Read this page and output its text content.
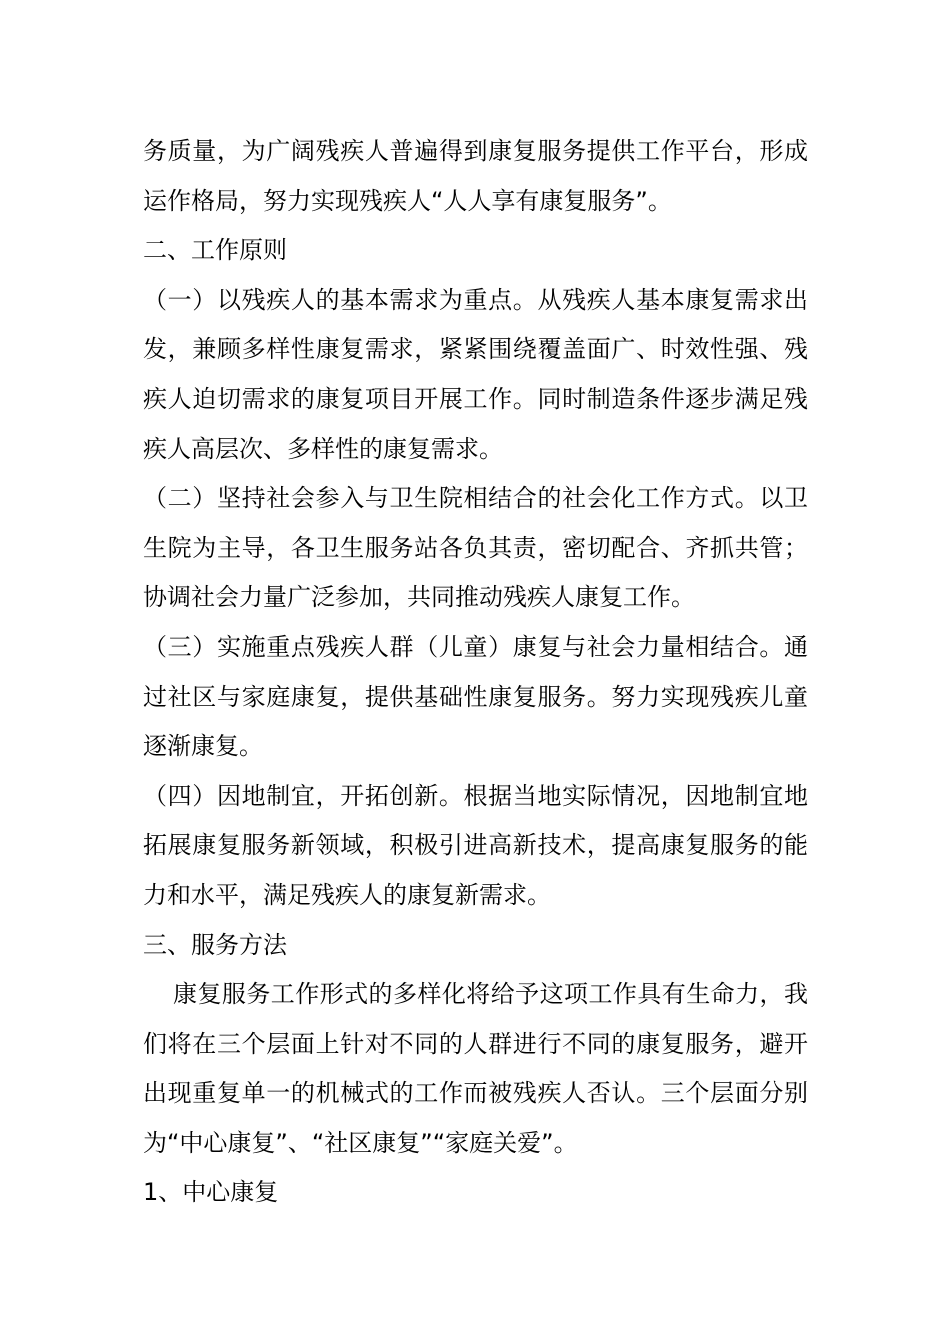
务质量，为广阔残疾人普遍得到康复服务提供工作平台，形成运作格局，努力实现残疾人“人人享有康复服务”。

二、工作原则

（一）以残疾人的基本需求为重点。从残疾人基本康复需求出发，兼顾多样性康复需求，紧紧围绕覆盖面广、时效性强、残疾人迫切需求的康复项目开展工作。同时制造条件逐步满足残疾人高层次、多样性的康复需求。

（二）坚持社会参入与卫生院相结合的社会化工作方式。以卫生院为主导，各卫生服务站各负其责，密切配合、齐抓共管；协调社会力量广泛参加，共同推动残疾人康复工作。

（三）实施重点残疾人群（儿童）康复与社会力量相结合。通过社区与家庭康复，提供基础性康复服务。努力实现残疾儿童逐渐康复。

（四）因地制宜，开拓创新。根据当地实际情况，因地制宜地拓展康复服务新领域，积极引进高新技术，提高康复服务的能力和水平，满足残疾人的康复新需求。

三、服务方法

康复服务工作形式的多样化将给予这项工作具有生命力，我们将在三个层面上针对不同的人群进行不同的康复服务，避开出现重复单一的机械式的工作而被残疾人否认。三个层面分别为“中心康复”、“社区康复”“家庭关爱”。

1、中心康复
